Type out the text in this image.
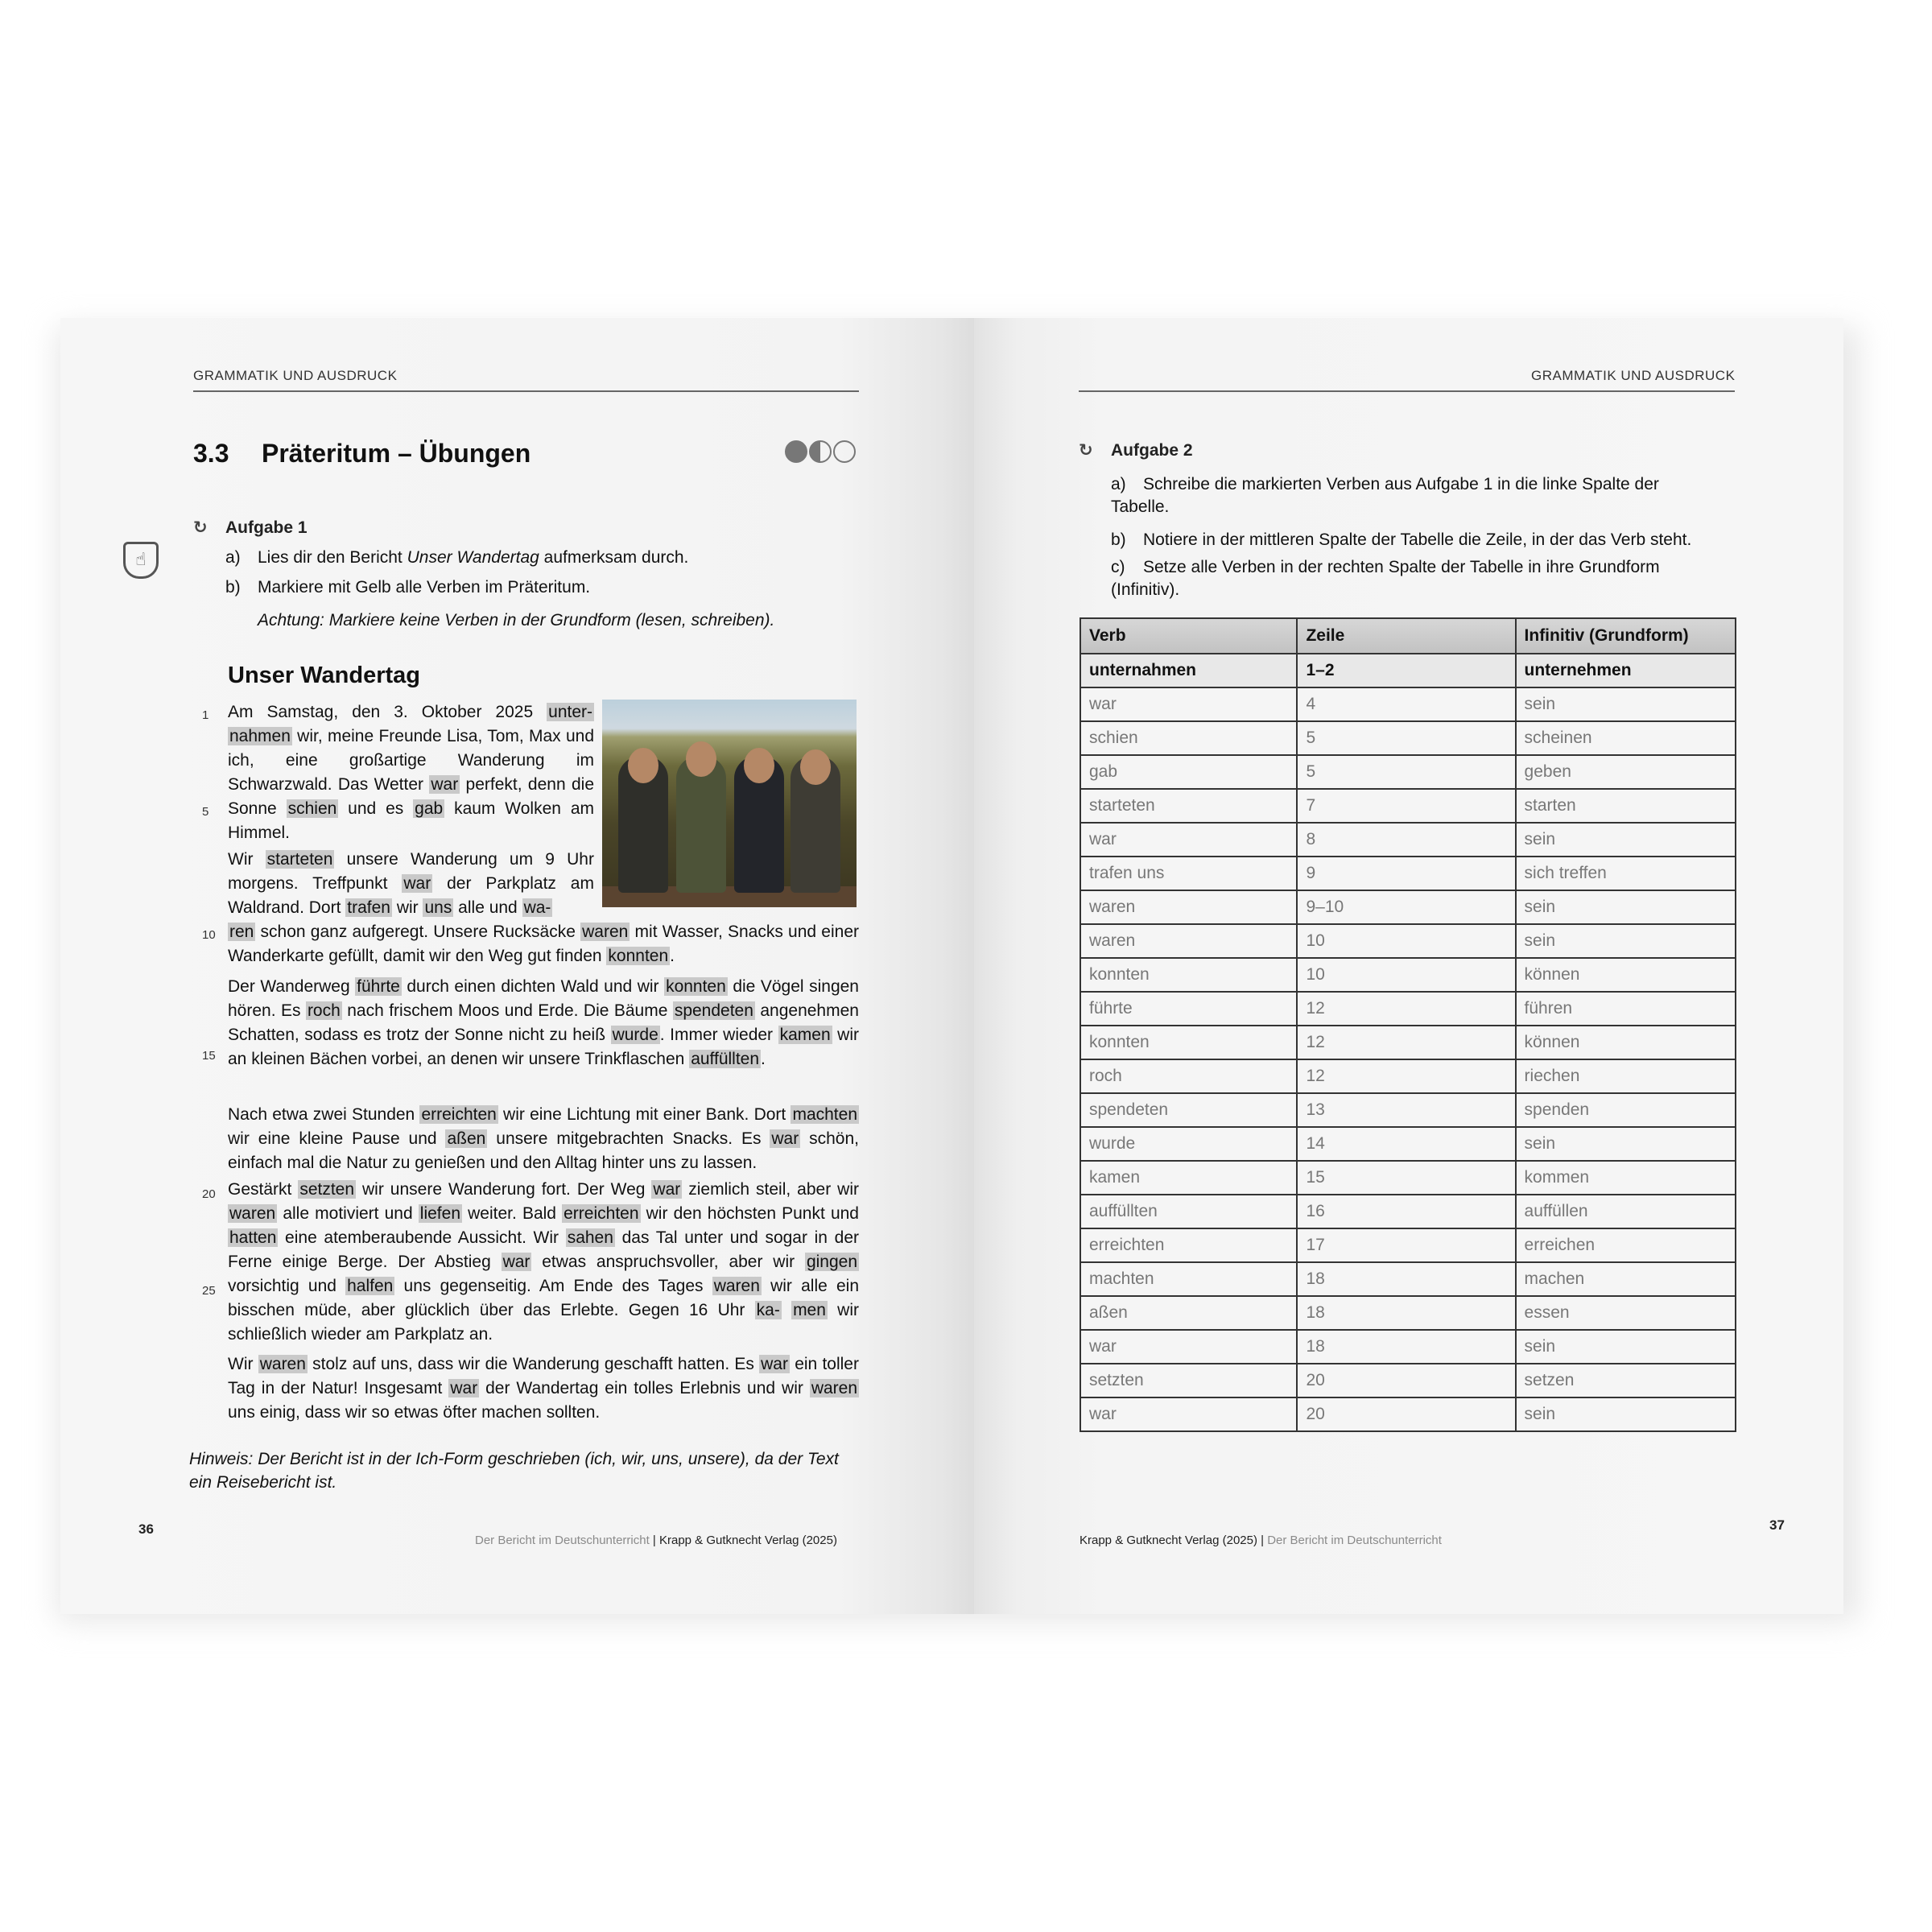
GRAMMATIK UND AUSDRUCK
3.3 Präteritum – Übungen
☝
↻ Aufgabe 1
a) Lies dir den Bericht Unser Wandertag aufmerksam durch.
b) Markiere mit Gelb alle Verben im Präteritum.
Achtung: Markiere keine Verben in der Grundform (lesen, schreiben).
Unser Wandertag
1
5
10
15
20
25
Am Samstag, den 3. Oktober 2025 unter- nahmen wir, meine Freunde Lisa, Tom, Max und ich, eine großartige Wanderung im Schwarzwald. Das Wetter war perfekt, denn die Sonne schien und es gab kaum Wolken am Himmel.
Wir starteten unsere Wanderung um 9 Uhr morgens. Treffpunkt war der Parkplatz am Waldrand. Dort trafen wir uns alle und wa-
ren schon ganz aufgeregt. Unsere Rucksäcke waren mit Wasser, Snacks und einer Wanderkarte gefüllt, damit wir den Weg gut finden konnten.
Der Wanderweg führte durch einen dichten Wald und wir konnten die Vögel singen hören. Es roch nach frischem Moos und Erde. Die Bäume spendeten angenehmen Schatten, sodass es trotz der Sonne nicht zu heiß wurde. Immer wieder kamen wir an kleinen Bächen vorbei, an denen wir unsere Trinkflaschen auffüllten.
Nach etwa zwei Stunden erreichten wir eine Lichtung mit einer Bank. Dort machten wir eine kleine Pause und aßen unsere mitgebrachten Snacks. Es war schön, einfach mal die Natur zu genießen und den Alltag hinter uns zu lassen.
Gestärkt setzten wir unsere Wanderung fort. Der Weg war ziemlich steil, aber wir waren alle motiviert und liefen weiter. Bald erreichten wir den höchsten Punkt und hatten eine atemberaubende Aussicht. Wir sahen das Tal unter und sogar in der Ferne einige Berge. Der Abstieg war etwas anspruchsvoller, aber wir gingen vorsichtig und halfen uns gegenseitig. Am Ende des Tages waren wir alle ein bisschen müde, aber glücklich über das Erlebte. Gegen 16 Uhr ka- men wir schließlich wieder am Parkplatz an.
Wir waren stolz auf uns, dass wir die Wanderung geschafft hatten. Es war ein toller Tag in der Natur! Insgesamt war der Wandertag ein tolles Erlebnis und wir waren uns einig, dass wir so etwas öfter machen sollten.
Hinweis: Der Bericht ist in der Ich-Form geschrieben (ich, wir, uns, unsere), da der Text ein Reisebericht ist.
36
Der Bericht im Deutschunterricht | Krapp & Gutknecht Verlag (2025)
GRAMMATIK UND AUSDRUCK
↻ Aufgabe 2
a) Schreibe die markierten Verben aus Aufgabe 1 in die linke Spalte der Tabelle.
b) Notiere in der mittleren Spalte der Tabelle die Zeile, in der das Verb steht.
c) Setze alle Verben in der rechten Spalte der Tabelle in ihre Grundform (Infinitiv).
Verb	Zeile	Infinitiv (Grundform)
unternahmen	1–2	unternehmen
war	4	sein
schien	5	scheinen
gab	5	geben
starteten	7	starten
war	8	sein
trafen uns	9	sich treffen
waren	9–10	sein
waren	10	sein
konnten	10	können
führte	12	führen
konnten	12	können
roch	12	riechen
spendeten	13	spenden
wurde	14	sein
kamen	15	kommen
auffüllten	16	auffüllen
erreichten	17	erreichen
machten	18	machen
aßen	18	essen
war	18	sein
setzten	20	setzen
war	20	sein
37
Krapp & Gutknecht Verlag (2025) | Der Bericht im Deutschunterricht
